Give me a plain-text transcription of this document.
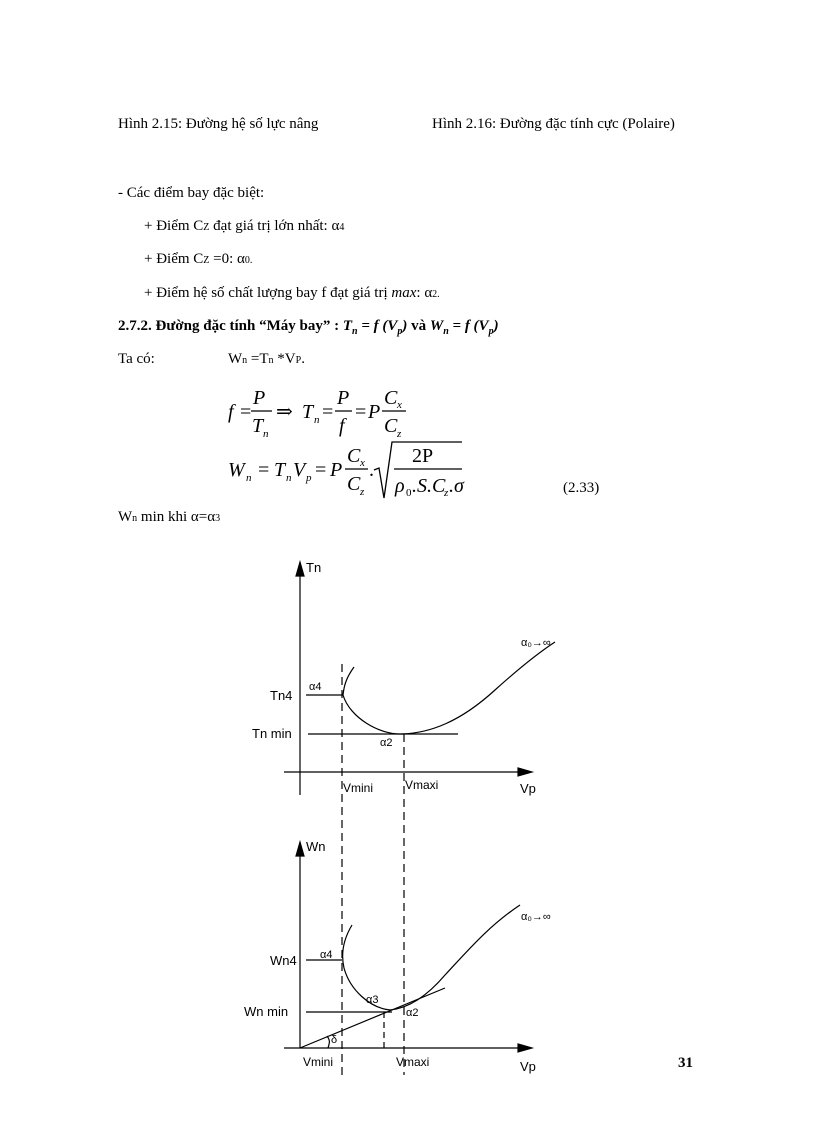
Hình 2.15: Đường hệ số lực nâng	Hình 2.16: Đường đặc tính cực (Polaire)
- Các điểm bay đặc biệt:
+ Điểm CZ đạt giá trị lớn nhất: α4
+ Điểm CZ =0: α0.
+ Điểm hệ số chất lượng bay f đạt giá trị max: α2.
2.7.2. Đường đặc tính “Máy bay” : $T_n = f$ $(V_p)$ và $W_n = f$ $(V_p)$
Ta có:	Wn =Tn *VP.
f =
P
T n
⇒ T n =
P
f
= P
C x
C z
W n = T n V p = P
C x
C z
.
2P
ρ 0 .S.C
z .σ	(2.33)
Wn min khi α=α3
Tn
α₀→∞
α4
Tn4
Tn min
α2
Vmini	Vmaxi	Vp
Wn
α₀→∞
α4
Wn4
α3
Wn min	α2
δ
Vmini	Vmaxi	Vp	31
